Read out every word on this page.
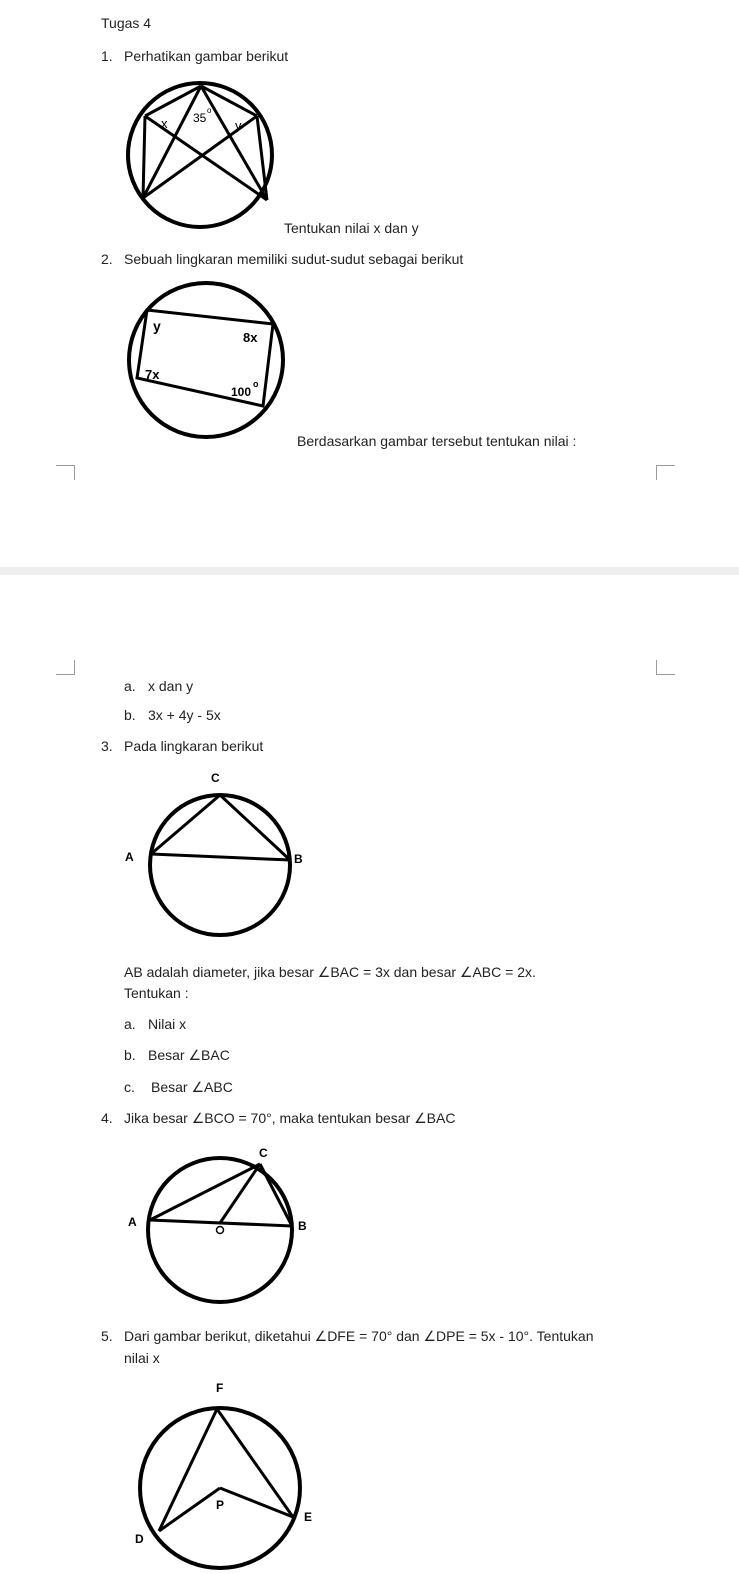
Tugas 4
1. Perhatikan gambar berikut
x 35
o
y
Tentukan nilai x dan y
2. Sebuah lingkaran memiliki sudut-sudut sebagai berikut
y
8x
7x
100
o
Berdasarkan gambar tersebut tentukan nilai :
a. x dan y
b. 3x + 4y - 5x
3. Pada lingkaran berikut
C
A	B
AB adalah diameter, jika besar ∠BAC = 3x dan besar ∠ABC = 2x.
Tentukan :
a. Nilai x
b. Besar ∠BAC
c. Besar ∠ABC
4. Jika besar ∠BCO = 70°, maka tentukan besar ∠BAC
C
A	B
5. Dari gambar berikut, diketahui ∠DFE = 70° dan ∠DPE = 5x - 10°. Tentukan
nilai x
F
P
E
D
